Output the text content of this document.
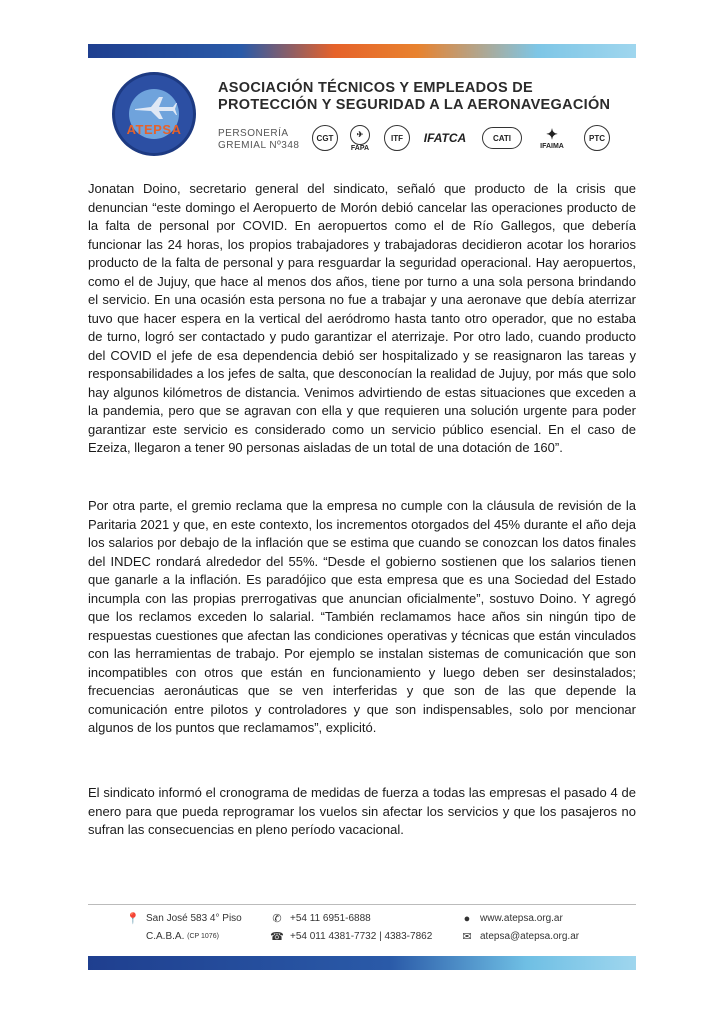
ATEPSA
ASOCIACIÓN TÉCNICOS Y EMPLEADOS DE
PROTECCIÓN Y SEGURIDAD A LA AERONAVEGACIÓN
PERSONERÍA
GREMIAL Nº348
CGT	✈
FAPA
ITF	IFATCA	CATI	✦
IFAIMA
PTC
Jonatan Doino, secretario general del sindicato, señaló que producto de la crisis que denuncian “este domingo el Aeropuerto de Morón debió cancelar las operaciones producto de la falta de personal por COVID. En aeropuertos como el de Río Gallegos, que debería funcionar las 24 horas, los propios trabajadores y trabajadoras decidieron acotar los horarios producto de la falta de personal y para resguardar la seguridad operacional. Hay aeropuertos, como el de Jujuy, que hace al menos dos años, tiene por turno a una sola persona brindando el servicio. En una ocasión esta persona no fue a trabajar y una aeronave que debía aterrizar tuvo que hacer espera en la vertical del aeródromo hasta tanto otro operador, que no estaba de turno, logró ser contactado y pudo garantizar el aterrizaje. Por otro lado, cuando producto del COVID el jefe de esa dependencia debió ser hospitalizado y se reasignaron las tareas y responsabilidades a los jefes de salta, que desconocían la realidad de Jujuy, por más que solo hay algunos kilómetros de distancia. Venimos advirtiendo de estas situaciones que exceden a la pandemia, pero que se agravan con ella y que requieren una solución urgente para poder garantizar este servicio es considerado como un servicio público esencial. En el caso de Ezeiza, llegaron a tener 90 personas aisladas de un total de una dotación de 160”.
Por otra parte, el gremio reclama que la empresa no cumple con la cláusula de revisión de la Paritaria 2021 y que, en este contexto, los incrementos otorgados del 45% durante el año deja los salarios por debajo de la inflación que se estima que cuando se conozcan los datos finales del INDEC rondará alrededor del 55%. “Desde el gobierno sostienen que los salarios tienen que ganarle a la inflación. Es paradójico que esta empresa que es una Sociedad del Estado incumpla con las propias prerrogativas que anuncian oficialmente”, sostuvo Doino. Y agregó que los reclamos exceden lo salarial. “También reclamamos hace años sin ningún tipo de respuestas cuestiones que afectan las condiciones operativas y técnicas que están vinculados con las herramientas de trabajo. Por ejemplo se instalan sistemas de comunicación que son incompatibles con otros que están en funcionamiento y luego deben ser desinstalados; frecuencias aeronáuticas que se ven interferidas y que son de las que depende la comunicación entre pilotos y controladores y que son indispensables, solo por mencionar algunos de los puntos que reclamamos”, explicitó.
El sindicato informó el cronograma de medidas de fuerza a todas las empresas el pasado 4 de enero para que pueda reprogramar los vuelos sin afectar los servicios y que los pasajeros no sufran las consecuencias en pleno período vacacional.
📍 San José 583 4° Piso
C.A.B.A.
(CP 1076)
✆ +54 11 6951-6888
☎ +54 011 4381-7732 | 4383-7862
● www.atepsa.org.ar
✉ atepsa@atepsa.org.ar
